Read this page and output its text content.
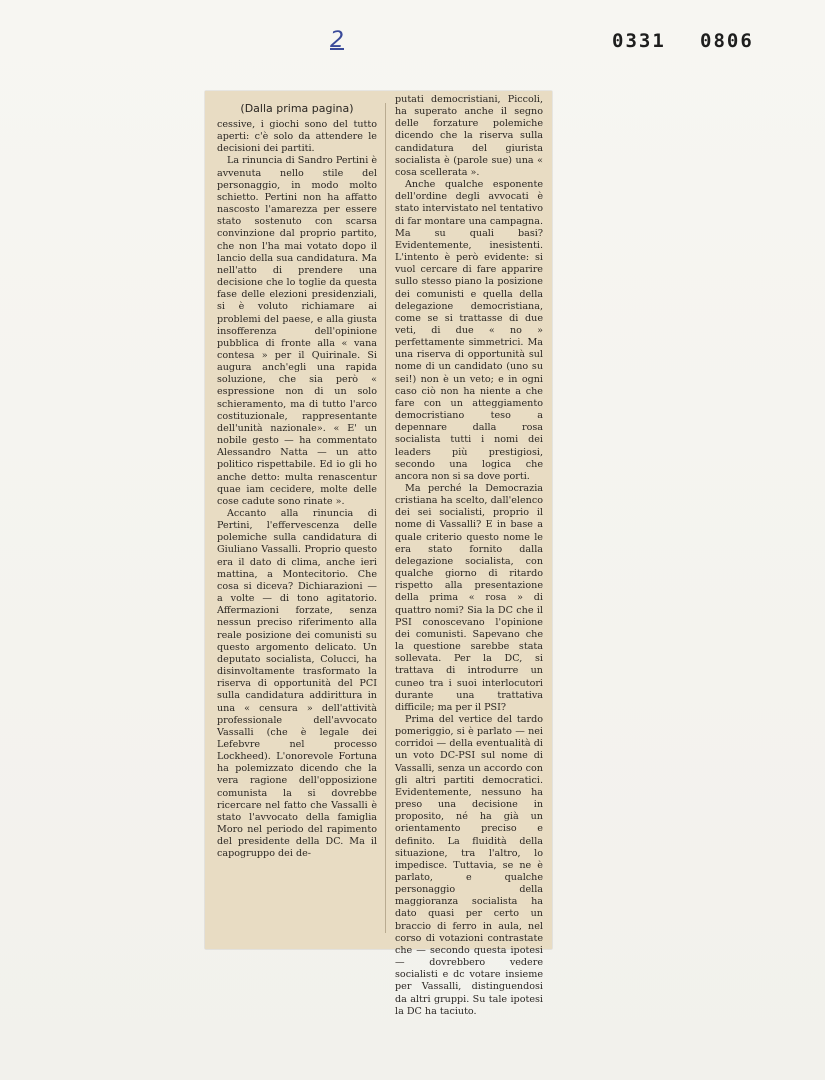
2	0331 0806
(Dalla prima pagina)

cessive, i giochi sono del tutto aperti: c'è solo da attendere le decisioni dei partiti.

La rinuncia di Sandro Pertini è avvenuta nello stile del personaggio, in modo molto schietto. Pertini non ha affatto nascosto l'amarezza per essere stato sostenuto con scarsa convinzione dal proprio partito, che non l'ha mai votato dopo il lancio della sua candidatura. Ma nell'atto di prendere una decisione che lo toglie da questa fase delle elezioni presidenziali, si è voluto richiamare ai problemi del paese, e alla giusta insofferenza dell'opinione pubblica di fronte alla « vana contesa » per il Quirinale. Si augura anch'egli una rapida soluzione, che sia però « espressione non di un solo schieramento, ma di tutto l'arco costituzionale, rappresentante dell'unità nazionale». « E' un nobile gesto — ha commentato Alessandro Natta — un atto politico rispettabile. Ed io gli ho anche detto: multa renascentur quae iam cecidere, molte delle cose cadute sono rinate ».

Accanto alla rinuncia di Pertini, l'effervescenza delle polemiche sulla candidatura di Giuliano Vassalli. Proprio questo era il dato di clima, anche ieri mattina, a Montecitorio. Che cosa si diceva? Dichiarazioni — a volte — di tono agitatorio. Affermazioni forzate, senza nessun preciso riferimento alla reale posizione dei comunisti su questo argomento delicato. Un deputato socialista, Colucci, ha disinvoltamente trasformato la riserva di opportunità del PCI sulla candidatura addirittura in una « censura » dell'attività professionale dell'avvocato Vassalli (che è legale dei Lefebvre nel processo Lockheed). L'onorevole Fortuna ha polemizzato dicendo che la vera ragione dell'opposizione comunista la si dovrebbe ricercare nel fatto che Vassalli è stato l'avvocato della famiglia Moro nel periodo del rapimento del presidente della DC. Ma il capogruppo dei de-

putati democristiani, Piccoli, ha superato anche il segno delle forzature polemiche dicendo che la riserva sulla candidatura del giurista socialista è (parole sue) una « cosa scellerata ».

Anche qualche esponente dell'ordine degli avvocati è stato intervistato nel tentativo di far montare una campagna. Ma su quali basi? Evidentemente, inesistenti. L'intento è però evidente: si vuol cercare di fare apparire sullo stesso piano la posizione dei comunisti e quella della delegazione democristiana, come se si trattasse di due veti, di due « no » perfettamente simmetrici. Ma una riserva di opportunità sul nome di un candidato (uno su sei!) non è un veto; e in ogni caso ciò non ha niente a che fare con un atteggiamento democristiano teso a depennare dalla rosa socialista tutti i nomi dei leaders più prestigiosi, secondo una logica che ancora non si sa dove porti.

Ma perché la Democrazia cristiana ha scelto, dall'elenco dei sei socialisti, proprio il nome di Vassalli? E in base a quale criterio questo nome le era stato fornito dalla delegazione socialista, con qualche giorno di ritardo rispetto alla presentazione della prima « rosa » di quattro nomi? Sia la DC che il PSI conoscevano l'opinione dei comunisti. Sapevano che la questione sarebbe stata sollevata. Per la DC, si trattava di introdurre un cuneo tra i suoi interlocutori durante una trattativa difficile; ma per il PSI?

Prima del vertice del tardo pomeriggio, si è parlato — nei corridoi — della eventualità di un voto DC-PSI sul nome di Vassalli, senza un accordo con gli altri partiti democratici. Evidentemente, nessuno ha preso una decisione in proposito, né ha già un orientamento preciso e definito. La fluidità della situazione, tra l'altro, lo impedisce. Tuttavia, se ne è parlato, e qualche personaggio della maggioranza socialista ha dato quasi per certo un braccio di ferro in aula, nel corso di votazioni contrastate che — secondo questa ipotesi — dovrebbero vedere socialisti e dc votare insieme per Vassalli, distinguendosi da altri gruppi. Su tale ipotesi la DC ha taciuto.
